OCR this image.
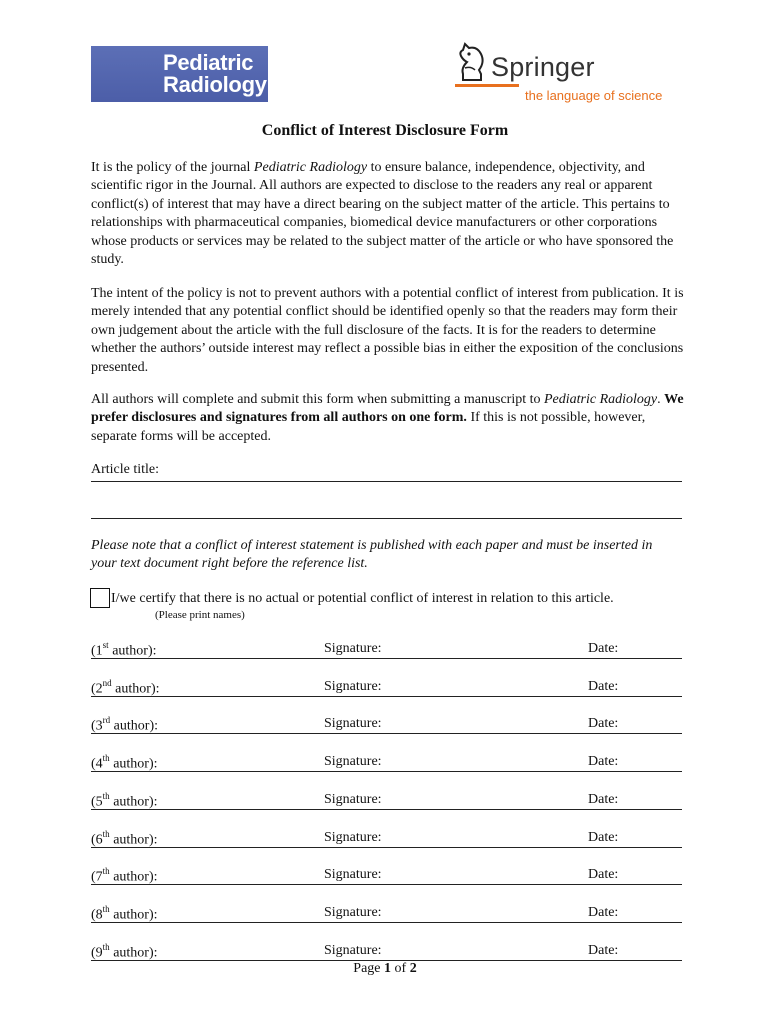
Pediatric
Radiology
Springer
the language of science
Conflict of Interest Disclosure Form

It is the policy of the journal Pediatric Radiology to ensure balance, independence, objectivity, and scientific rigor in the Journal. All authors are expected to disclose to the readers any real or apparent conflict(s) of interest that may have a direct bearing on the subject matter of the article. This pertains to relationships with pharmaceutical companies, biomedical device manufacturers or other corporations whose products or services may be related to the subject matter of the article or who have sponsored the study.

The intent of the policy is not to prevent authors with a potential conflict of interest from publication. It is merely intended that any potential conflict should be identified openly so that the readers may form their own judgement about the article with the full disclosure of the facts. It is for the readers to determine whether the authors’ outside interest may reflect a possible bias in either the exposition of the conclusions presented.

All authors will complete and submit this form when submitting a manuscript to Pediatric Radiology. We prefer disclosures and signatures from all authors on one form. If this is not possible, however, separate forms will be accepted.

Article title:
Please note that a conflict of interest statement is published with each paper and must be inserted in your text document right before the reference list.
I/we certify that there is no actual or potential conflict of interest in relation to this article.
(Please print names)
(1st author):	Signature:	Date:
(2nd author):	Signature:	Date:
(3rd author):	Signature:	Date:
(4th author):	Signature:	Date:
(5th author):	Signature:	Date:
(6th author):	Signature:	Date:
(7th author):	Signature:	Date:
(8th author):	Signature:	Date:
(9th author):	Signature:	Date:
Page 1 of 2
